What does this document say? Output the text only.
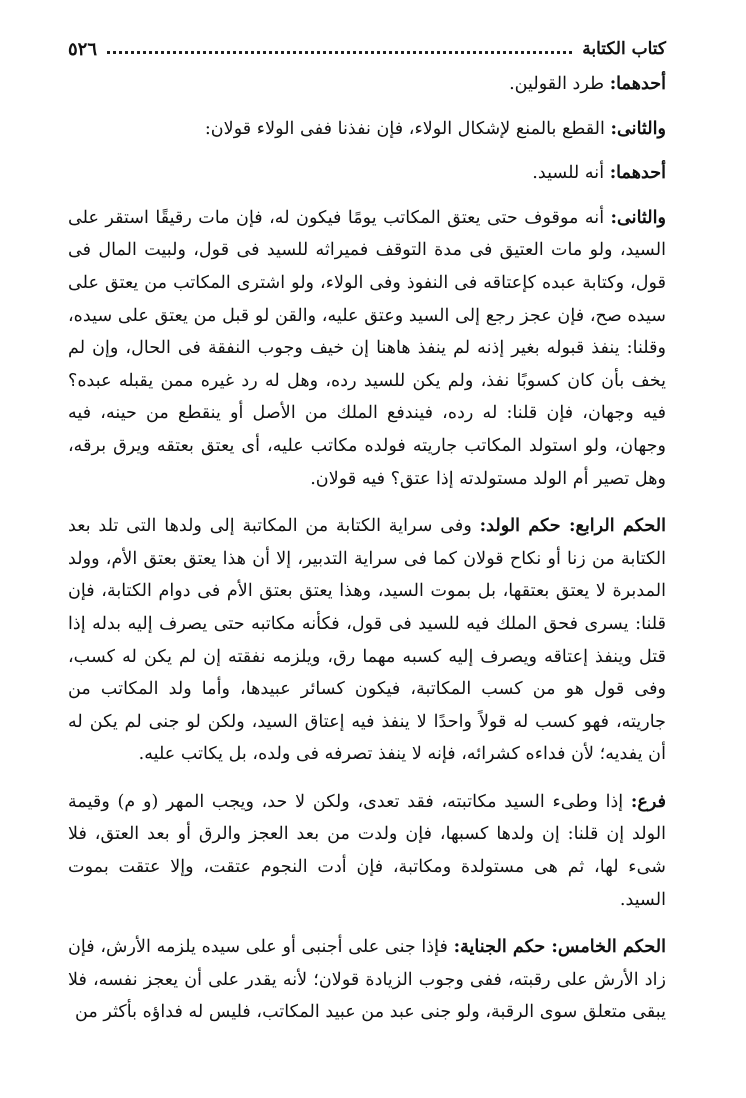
كتاب الكتابة
٥٢٦

أحدهما: طرد القولين.

والثانى: القطع بالمنع لإشكال الولاء، فإن نفذنا ففى الولاء قولان:

أحدهما: أنه للسيد.

والثانى: أنه موقوف حتى يعتق المكاتب يومًا فيكون له، فإن مات رقيقًا استقر على السيد، ولو مات العتيق فى مدة التوقف فميراثه للسيد فى قول، ولبيت المال فى قول، وكتابة عبده كإعتاقه فى النفوذ وفى الولاء، ولو اشترى المكاتب من يعتق على سيده صح، فإن عجز رجع إلى السيد وعتق عليه، والقن لو قبل من يعتق على سيده، وقلنا: ينفذ قبوله بغير إذنه لم ينفذ هاهنا إن خيف وجوب النفقة فى الحال، وإن لم يخف بأن كان كسوبًا نفذ، ولم يكن للسيد رده، وهل له رد غيره ممن يقبله عبده؟ فيه وجهان، فإن قلنا: له رده، فيندفع الملك من الأصل أو ينقطع من حينه، فيه وجهان، ولو استولد المكاتب جاريته فولده مكاتب عليه، أى يعتق بعتقه ويرق برقه، وهل تصير أم الولد مستولدته إذا عتق؟ فيه قولان.

الحكم الرابع: حكم الولد: وفى سراية الكتابة من المكاتبة إلى ولدها التى تلد بعد الكتابة من زنا أو نكاح قولان كما فى سراية التدبير، إلا أن هذا يعتق بعتق الأم، وولد المدبرة لا يعتق بعتقها، بل بموت السيد، وهذا يعتق بعتق الأم فى دوام الكتابة، فإن قلنا: يسرى فحق الملك فيه للسيد فى قول، فكأنه مكاتبه حتى يصرف إليه بدله إذا قتل وينفذ إعتاقه ويصرف إليه كسبه مهما رق، ويلزمه نفقته إن لم يكن له كسب، وفى قول هو من كسب المكاتبة، فيكون كسائر عبيدها، وأما ولد المكاتب من جاريته، فهو كسب له قولاً واحدًا لا ينفذ فيه إعتاق السيد، ولكن لو جنى لم يكن له أن يفديه؛ لأن فداءه كشرائه، فإنه لا ينفذ تصرفه فى ولده، بل يكاتب عليه.

فرع: إذا وطىء السيد مكاتبته، فقد تعدى، ولكن لا حد، ويجب المهر (و م) وقيمة الولد إن قلنا: إن ولدها كسبها، فإن ولدت من بعد العجز والرق أو بعد العتق، فلا شىء لها، ثم هى مستولدة ومكاتبة، فإن أدت النجوم عتقت، وإلا عتقت بموت السيد.

الحكم الخامس: حكم الجناية: فإذا جنى على أجنبى أو على سيده يلزمه الأرش، فإن زاد الأرش على رقبته، ففى وجوب الزيادة قولان؛ لأنه يقدر على أن يعجز نفسه، فلا يبقى متعلق سوى الرقبة، ولو جنى عبد من عبيد المكاتب، فليس له فداؤه بأكثر من
